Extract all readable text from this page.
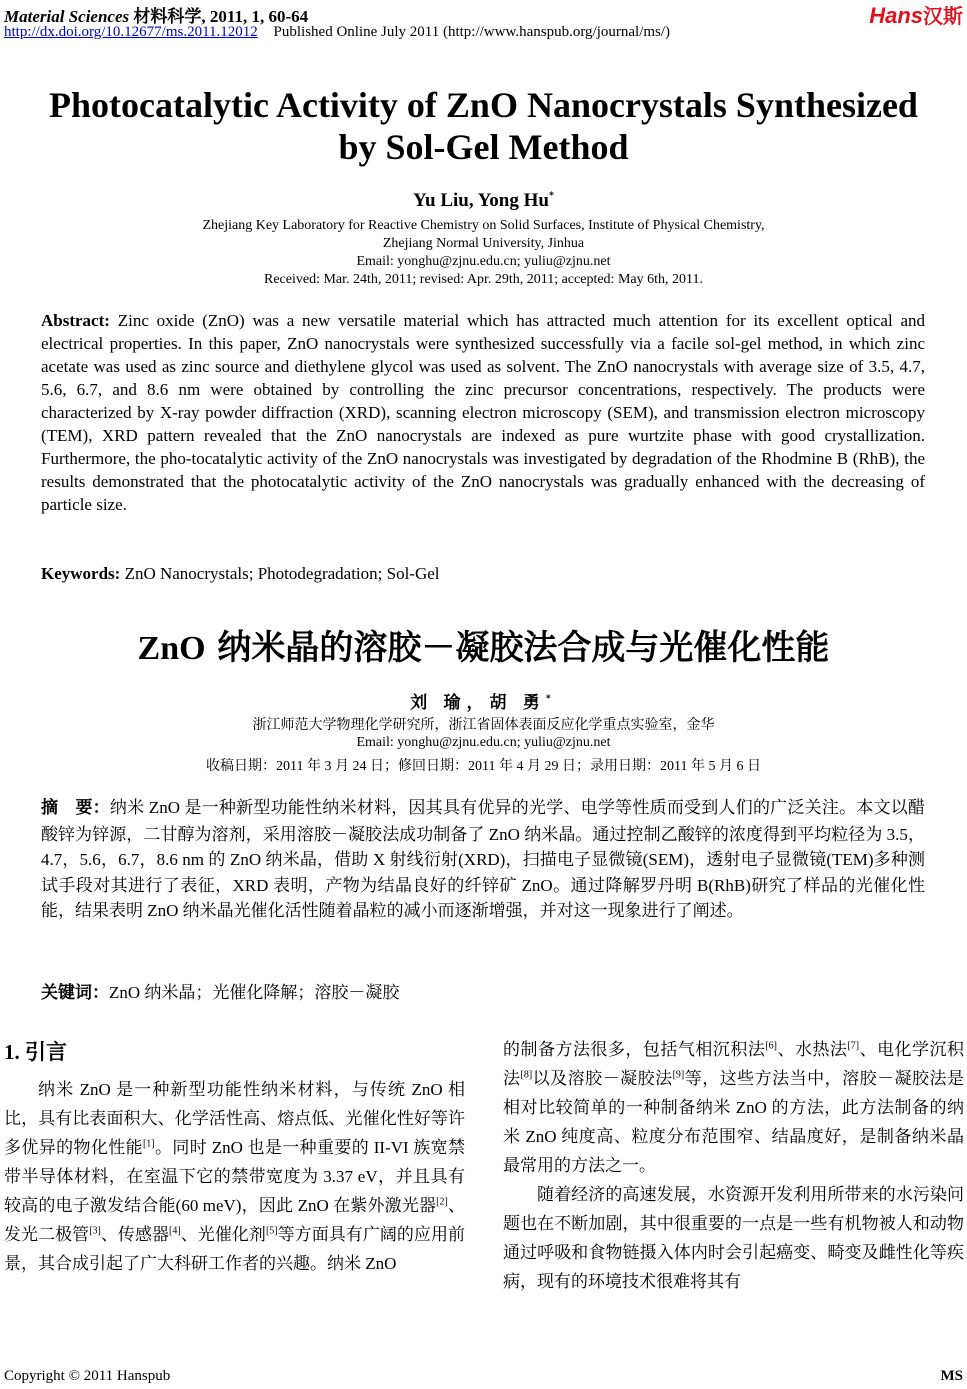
Material Sciences 材料科学, 2011, 1, 60-64
http://dx.doi.org/10.12677/ms.2011.12012 Published Online July 2011 (http://www.hanspub.org/journal/ms/)
Hans汉斯
Photocatalytic Activity of ZnO Nanocrystals Synthesized
by Sol-Gel Method
Yu Liu, Yong Hu*
Zhejiang Key Laboratory for Reactive Chemistry on Solid Surfaces, Institute of Physical Chemistry,
Zhejiang Normal University, Jinhua
Email: yonghu@zjnu.edu.cn; yuliu@zjnu.net
Received: Mar. 24th, 2011; revised: Apr. 29th, 2011; accepted: May 6th, 2011.
Abstract: Zinc oxide (ZnO) was a new versatile material which has attracted much attention for its excellent optical and electrical properties. In this paper, ZnO nanocrystals were synthesized successfully via a facile sol-gel method, in which zinc acetate was used as zinc source and diethylene glycol was used as solvent. The ZnO nanocrystals with average size of 3.5, 4.7, 5.6, 6.7, and 8.6 nm were obtained by controlling the zinc precursor concentrations, respectively. The products were characterized by X-ray powder diffraction (XRD), scanning electron microscopy (SEM), and transmission electron microscopy (TEM), XRD pattern revealed that the ZnO nanocrystals are indexed as pure wurtzite phase with good crystallization. Furthermore, the pho-tocatalytic activity of the ZnO nanocrystals was investigated by degradation of the Rhodmine B (RhB), the results demonstrated that the photocatalytic activity of the ZnO nanocrystals was gradually enhanced with the decreasing of particle size.
Keywords: ZnO Nanocrystals; Photodegradation; Sol-Gel
ZnO 纳米晶的溶胶－凝胶法合成与光催化性能
刘 瑜，胡 勇*
浙江师范大学物理化学研究所，浙江省固体表面反应化学重点实验室，金华
Email: yonghu@zjnu.edu.cn; yuliu@zjnu.net
收稿日期：2011 年 3 月 24 日；修回日期：2011 年 4 月 29 日；录用日期：2011 年 5 月 6 日
摘　要：纳米 ZnO 是一种新型功能性纳米材料，因其具有优异的光学、电学等性质而受到人们的广泛关注。本文以醋酸锌为锌源，二甘醇为溶剂，采用溶胶－凝胶法成功制备了 ZnO 纳米晶。通过控制乙酸锌的浓度得到平均粒径为 3.5，4.7，5.6，6.7，8.6 nm 的 ZnO 纳米晶，借助 X 射线衍射(XRD)，扫描电子显微镜(SEM)，透射电子显微镜(TEM)多种测试手段对其进行了表征，XRD 表明，产物为结晶良好的纤锌矿 ZnO。通过降解罗丹明 B(RhB)研究了样品的光催化性能，结果表明 ZnO 纳米晶光催化活性随着晶粒的减小而逐渐增强，并对这一现象进行了阐述。
关键词：ZnO 纳米晶；光催化降解；溶胶－凝胶
1. 引言

纳米 ZnO 是一种新型功能性纳米材料，与传统 ZnO 相比，具有比表面积大、化学活性高、熔点低、光催化性好等许多优异的物化性能[1]。同时 ZnO 也是一种重要的 II-VI 族宽禁带半导体材料，在室温下它的禁带宽度为 3.37 eV，并且具有较高的电子激发结合能(60 meV)，因此 ZnO 在紫外激光器[2]、发光二极管[3]、传感器[4]、光催化剂[5]等方面具有广阔的应用前景，其合成引起了广大科研工作者的兴趣。纳米 ZnO

的制备方法很多，包括气相沉积法[6]、水热法[7]、电化学沉积法[8]以及溶胶－凝胶法[9]等，这些方法当中，溶胶－凝胶法是相对比较简单的一种制备纳米 ZnO 的方法，此方法制备的纳米 ZnO 纯度高、粒度分布范围窄、结晶度好，是制备纳米晶最常用的方法之一。

随着经济的高速发展，水资源开发利用所带来的水污染问题也在不断加剧，其中很重要的一点是一些有机物被人和动物通过呼吸和食物链摄入体内时会引起癌变、畸变及雌性化等疾病，现有的环境技术很难将其有

Copyright © 2011 Hanspub	MS
